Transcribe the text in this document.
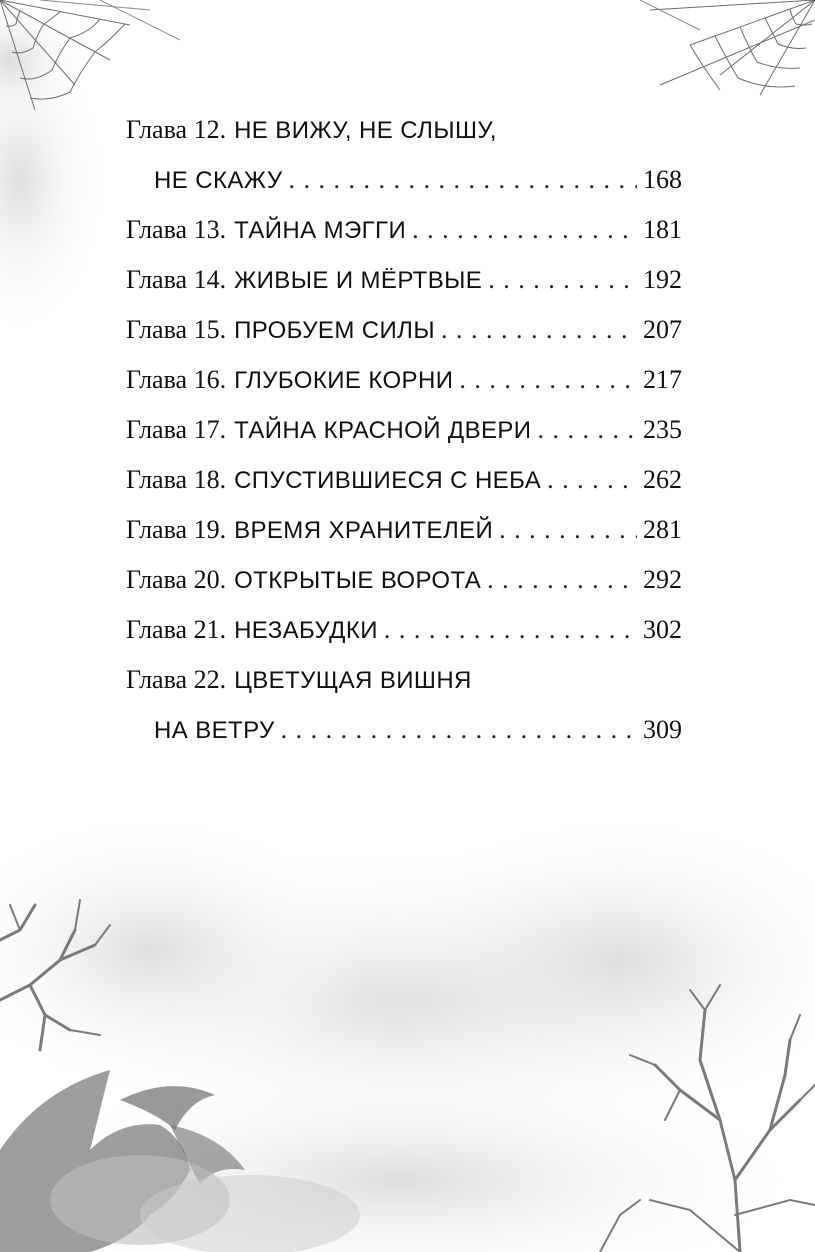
Глава 12. НЕ ВИЖУ, НЕ СЛЫШУ,
НЕ СКАЖУ . . .	168
Глава 13. ТАЙНА МЭГГИ . . .	181
Глава 14. ЖИВЫЕ И МЁРТВЫЕ . . .	192
Глава 15. ПРОБУЕМ СИЛЫ . . .	207
Глава 16. ГЛУБОКИЕ КОРНИ . . .	217
Глава 17. ТАЙНА КРАСНОЙ ДВЕРИ . . .	235
Глава 18. СПУСТИВШИЕСЯ С НЕБА . . .	262
Глава 19. ВРЕМЯ ХРАНИТЕЛЕЙ . . .	281
Глава 20. ОТКРЫТЫЕ ВОРОТА . . .	292
Глава 21. НЕЗАБУДКИ . . .	302
Глава 22. ЦВЕТУЩАЯ ВИШНЯ
НА ВЕТРУ . . .	309
